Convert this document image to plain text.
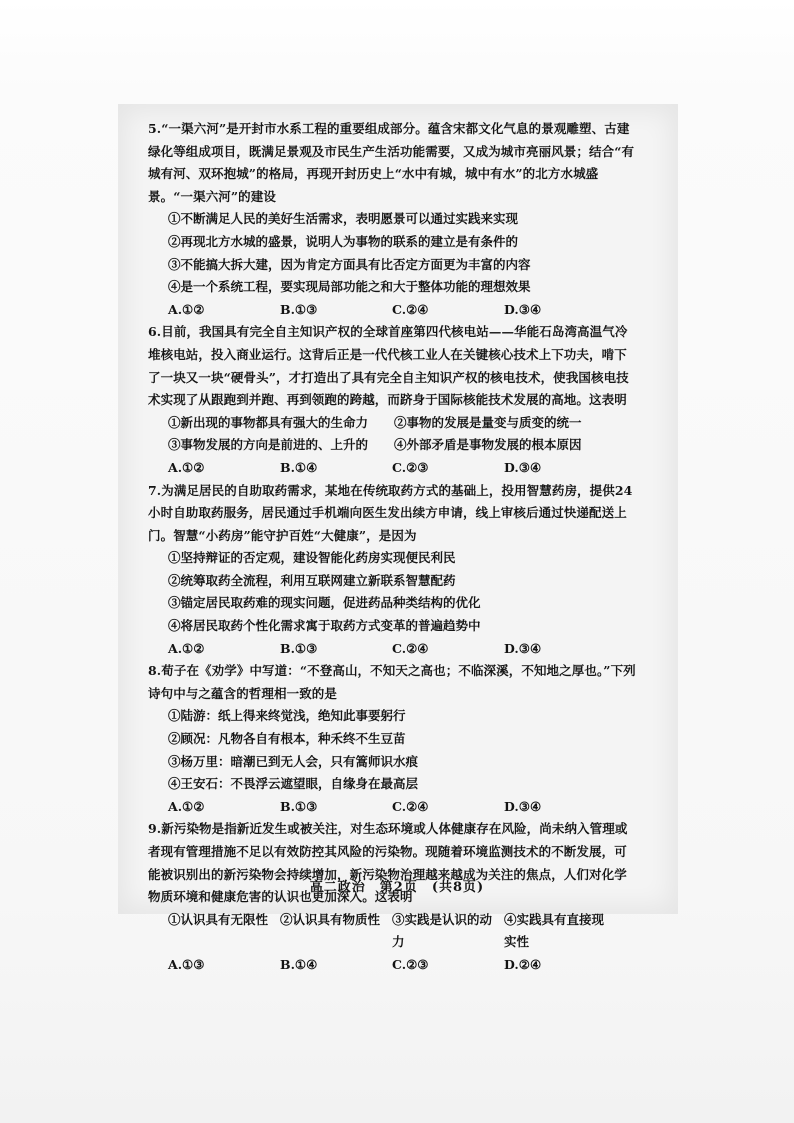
5.“一渠六河”是开封市水系工程的重要组成部分。蕴含宋都文化气息的景观雕塑、古建绿化等组成项目，既满足景观及市民生产生活功能需要，又成为城市亮丽风景；结合“有城有河、双环抱城”的格局，再现开封历史上“水中有城，城中有水”的北方水城盛景。“一渠六河”的建设
①不断满足人民的美好生活需求，表明愿景可以通过实践来实现
②再现北方水城的盛景，说明人为事物的联系的建立是有条件的
③不能搞大拆大建，因为肯定方面具有比否定方面更为丰富的内容
④是一个系统工程，要实现局部功能之和大于整体功能的理想效果
A.①②	B.①③	C.②④	D.③④
6.目前，我国具有完全自主知识产权的全球首座第四代核电站——华能石岛湾高温气冷堆核电站，投入商业运行。这背后正是一代代核工业人在关键核心技术上下功夫，啃下了一块又一块“硬骨头”，才打造出了具有完全自主知识产权的核电技术，使我国核电技术实现了从跟跑到并跑、再到领跑的跨越，而跻身于国际核能技术发展的高地。这表明
①新出现的事物都具有强大的生命力	②事物的发展是量变与质变的统一
③事物发展的方向是前进的、上升的	④外部矛盾是事物发展的根本原因
A.①②	B.①④	C.②③	D.③④
7.为满足居民的自助取药需求，某地在传统取药方式的基础上，投用智慧药房，提供24小时自助取药服务，居民通过手机端向医生发出续方申请，线上审核后通过快递配送上门。智慧“小药房”能守护百姓“大健康”，是因为
①坚持辩证的否定观，建设智能化药房实现便民利民
②统筹取药全流程，利用互联网建立新联系智慧配药
③锚定居民取药难的现实问题，促进药品种类结构的优化
④将居民取药个性化需求寓于取药方式变革的普遍趋势中
A.①②	B.①③	C.②④	D.③④
8.荀子在《劝学》中写道：“不登高山，不知天之高也；不临深溪，不知地之厚也。”下列诗句中与之蕴含的哲理相一致的是
①陆游：纸上得来终觉浅，绝知此事要躬行
②顾况：凡物各自有根本，种禾终不生豆苗
③杨万里：暗潮已到无人会，只有篙师识水痕
④王安石：不畏浮云遮望眼，自缘身在最高层
A.①②	B.①③	C.②④	D.③④
9.新污染物是指新近发生或被关注，对生态环境或人体健康存在风险，尚未纳入管理或者现有管理措施不足以有效防控其风险的污染物。现随着环境监测技术的不断发展，可能被识别出的新污染物会持续增加，新污染物治理越来越成为关注的焦点，人们对化学物质环境和健康危害的认识也更加深入。这表明
①认识具有无限性 ②认识具有物质性 ③实践是认识的动力
④实践具有直接现实性
A.①③	B.①④	C.②③	D.②④
高二政治　第2页　(共8页)
